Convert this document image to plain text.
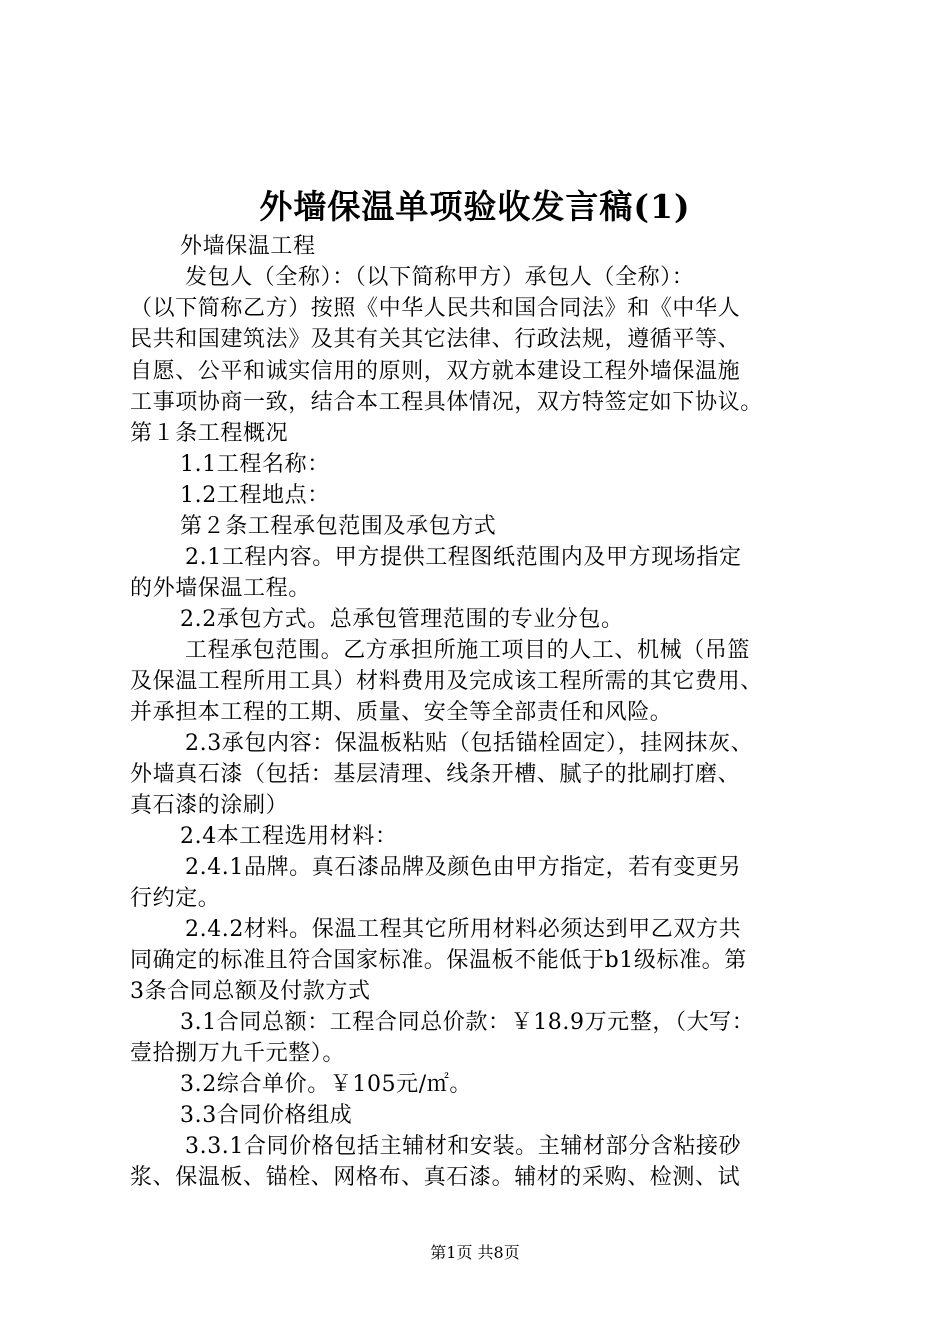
外墙保温单项验收发言稿(1)
外墙保温工程
发包人（全称）：（以下简称甲方）承包人（全称）：
（以下简称乙方）按照《中华人民共和国合同法》和《中华人
民共和国建筑法》及其有关其它法律、行政法规，遵循平等、
自愿、公平和诚实信用的原则，双方就本建设工程外墙保温施
工事项协商一致，结合本工程具体情况，双方特签定如下协议。
第１条工程概况
1.1工程名称：
1.2工程地点：
第２条工程承包范围及承包方式
2.1工程内容。甲方提供工程图纸范围内及甲方现场指定
的外墙保温工程。
2.2承包方式。总承包管理范围的专业分包。
工程承包范围。乙方承担所施工项目的人工、机械（吊篮
及保温工程所用工具）材料费用及完成该工程所需的其它费用、
并承担本工程的工期、质量、安全等全部责任和风险。
2.3承包内容：保温板粘贴（包括锚栓固定），挂网抹灰、
外墙真石漆（包括：基层清理、线条开槽、腻子的批刷打磨、
真石漆的涂刷）
2.4本工程选用材料：
2.4.1品牌。真石漆品牌及颜色由甲方指定，若有变更另
行约定。
2.4.2材料。保温工程其它所用材料必须达到甲乙双方共
同确定的标准且符合国家标准。保温板不能低于b1级标准。第
3条合同总额及付款方式
3.1合同总额：工程合同总价款：￥18.9万元整，（大写：
壹拾捌万九千元整）。
3.2综合单价。￥105元/㎡。
3.3合同价格组成
3.3.1合同价格包括主辅材和安装。主辅材部分含粘接砂
浆、保温板、锚栓、网格布、真石漆。辅材的采购、检测、试
第1页 共8页
